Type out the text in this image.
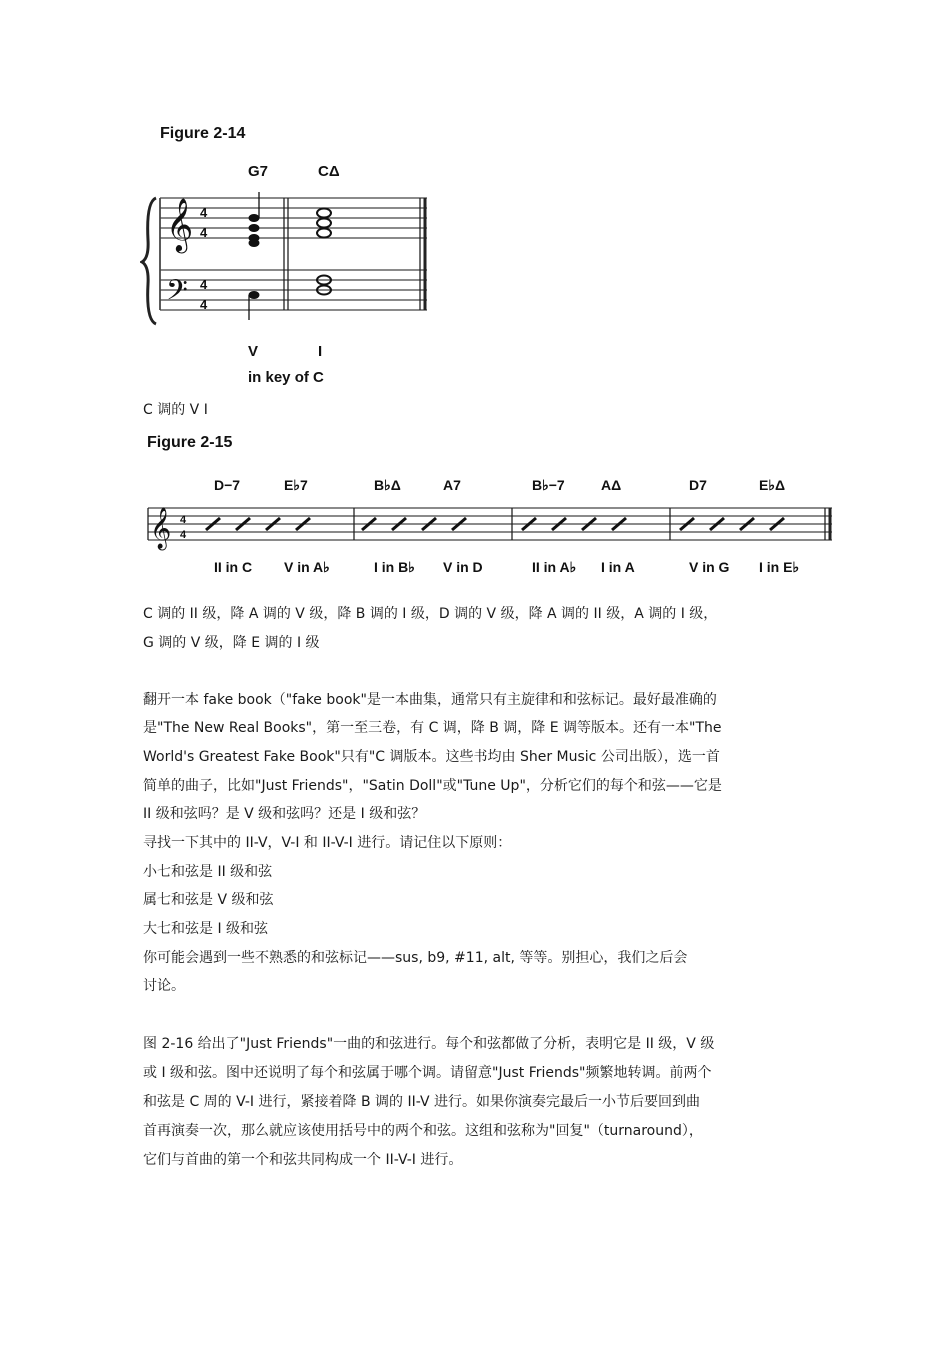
Figure 2-14
G7	CΔ
𝄞
𝄢
4
4
4
4
V	I
in key of C
C 调的 V I
Figure 2-15
D−7	E♭7	B♭Δ	A7	B♭−7	AΔ	D7	E♭Δ
𝄞 4
4
II in C V in A♭	I in B♭ V in D	II in A♭ I in A	V in G I in E♭
C 调的 II 级，降 A 调的 V 级，降 B 调的 I 级，D 调的 V 级，降 A 调的 II 级，A 调的 I 级，
G 调的 V 级，降 E 调的 I 级
翻开一本 fake book（"fake book"是一本曲集，通常只有主旋律和和弦标记。最好最准确的
是"The New Real Books"，第一至三卷，有 C 调，降 B 调，降 E 调等版本。还有一本"The
World's Greatest Fake Book"只有"C 调版本。这些书均由 Sher Music 公司出版），选一首
简单的曲子，比如"Just Friends"，"Satin Doll"或"Tune Up"，分析它们的每个和弦——它是
II 级和弦吗？是 V 级和弦吗？还是 I 级和弦？
寻找一下其中的 II-V，V-I 和 II-V-I 进行。请记住以下原则：
小七和弦是 II 级和弦
属七和弦是 V 级和弦
大七和弦是 I 级和弦
你可能会遇到一些不熟悉的和弦标记——sus, b9, #11, alt, 等等。别担心，我们之后会
讨论。
图 2-16 给出了"Just Friends"一曲的和弦进行。每个和弦都做了分析，表明它是 II 级，V 级
或 I 级和弦。图中还说明了每个和弦属于哪个调。请留意"Just Friends"频繁地转调。前两个
和弦是 C 周的 V-I 进行，紧接着降 B 调的 II-V 进行。如果你演奏完最后一小节后要回到曲
首再演奏一次，那么就应该使用括号中的两个和弦。这组和弦称为"回复"（turnaround），
它们与首曲的第一个和弦共同构成一个 II-V-I 进行。
